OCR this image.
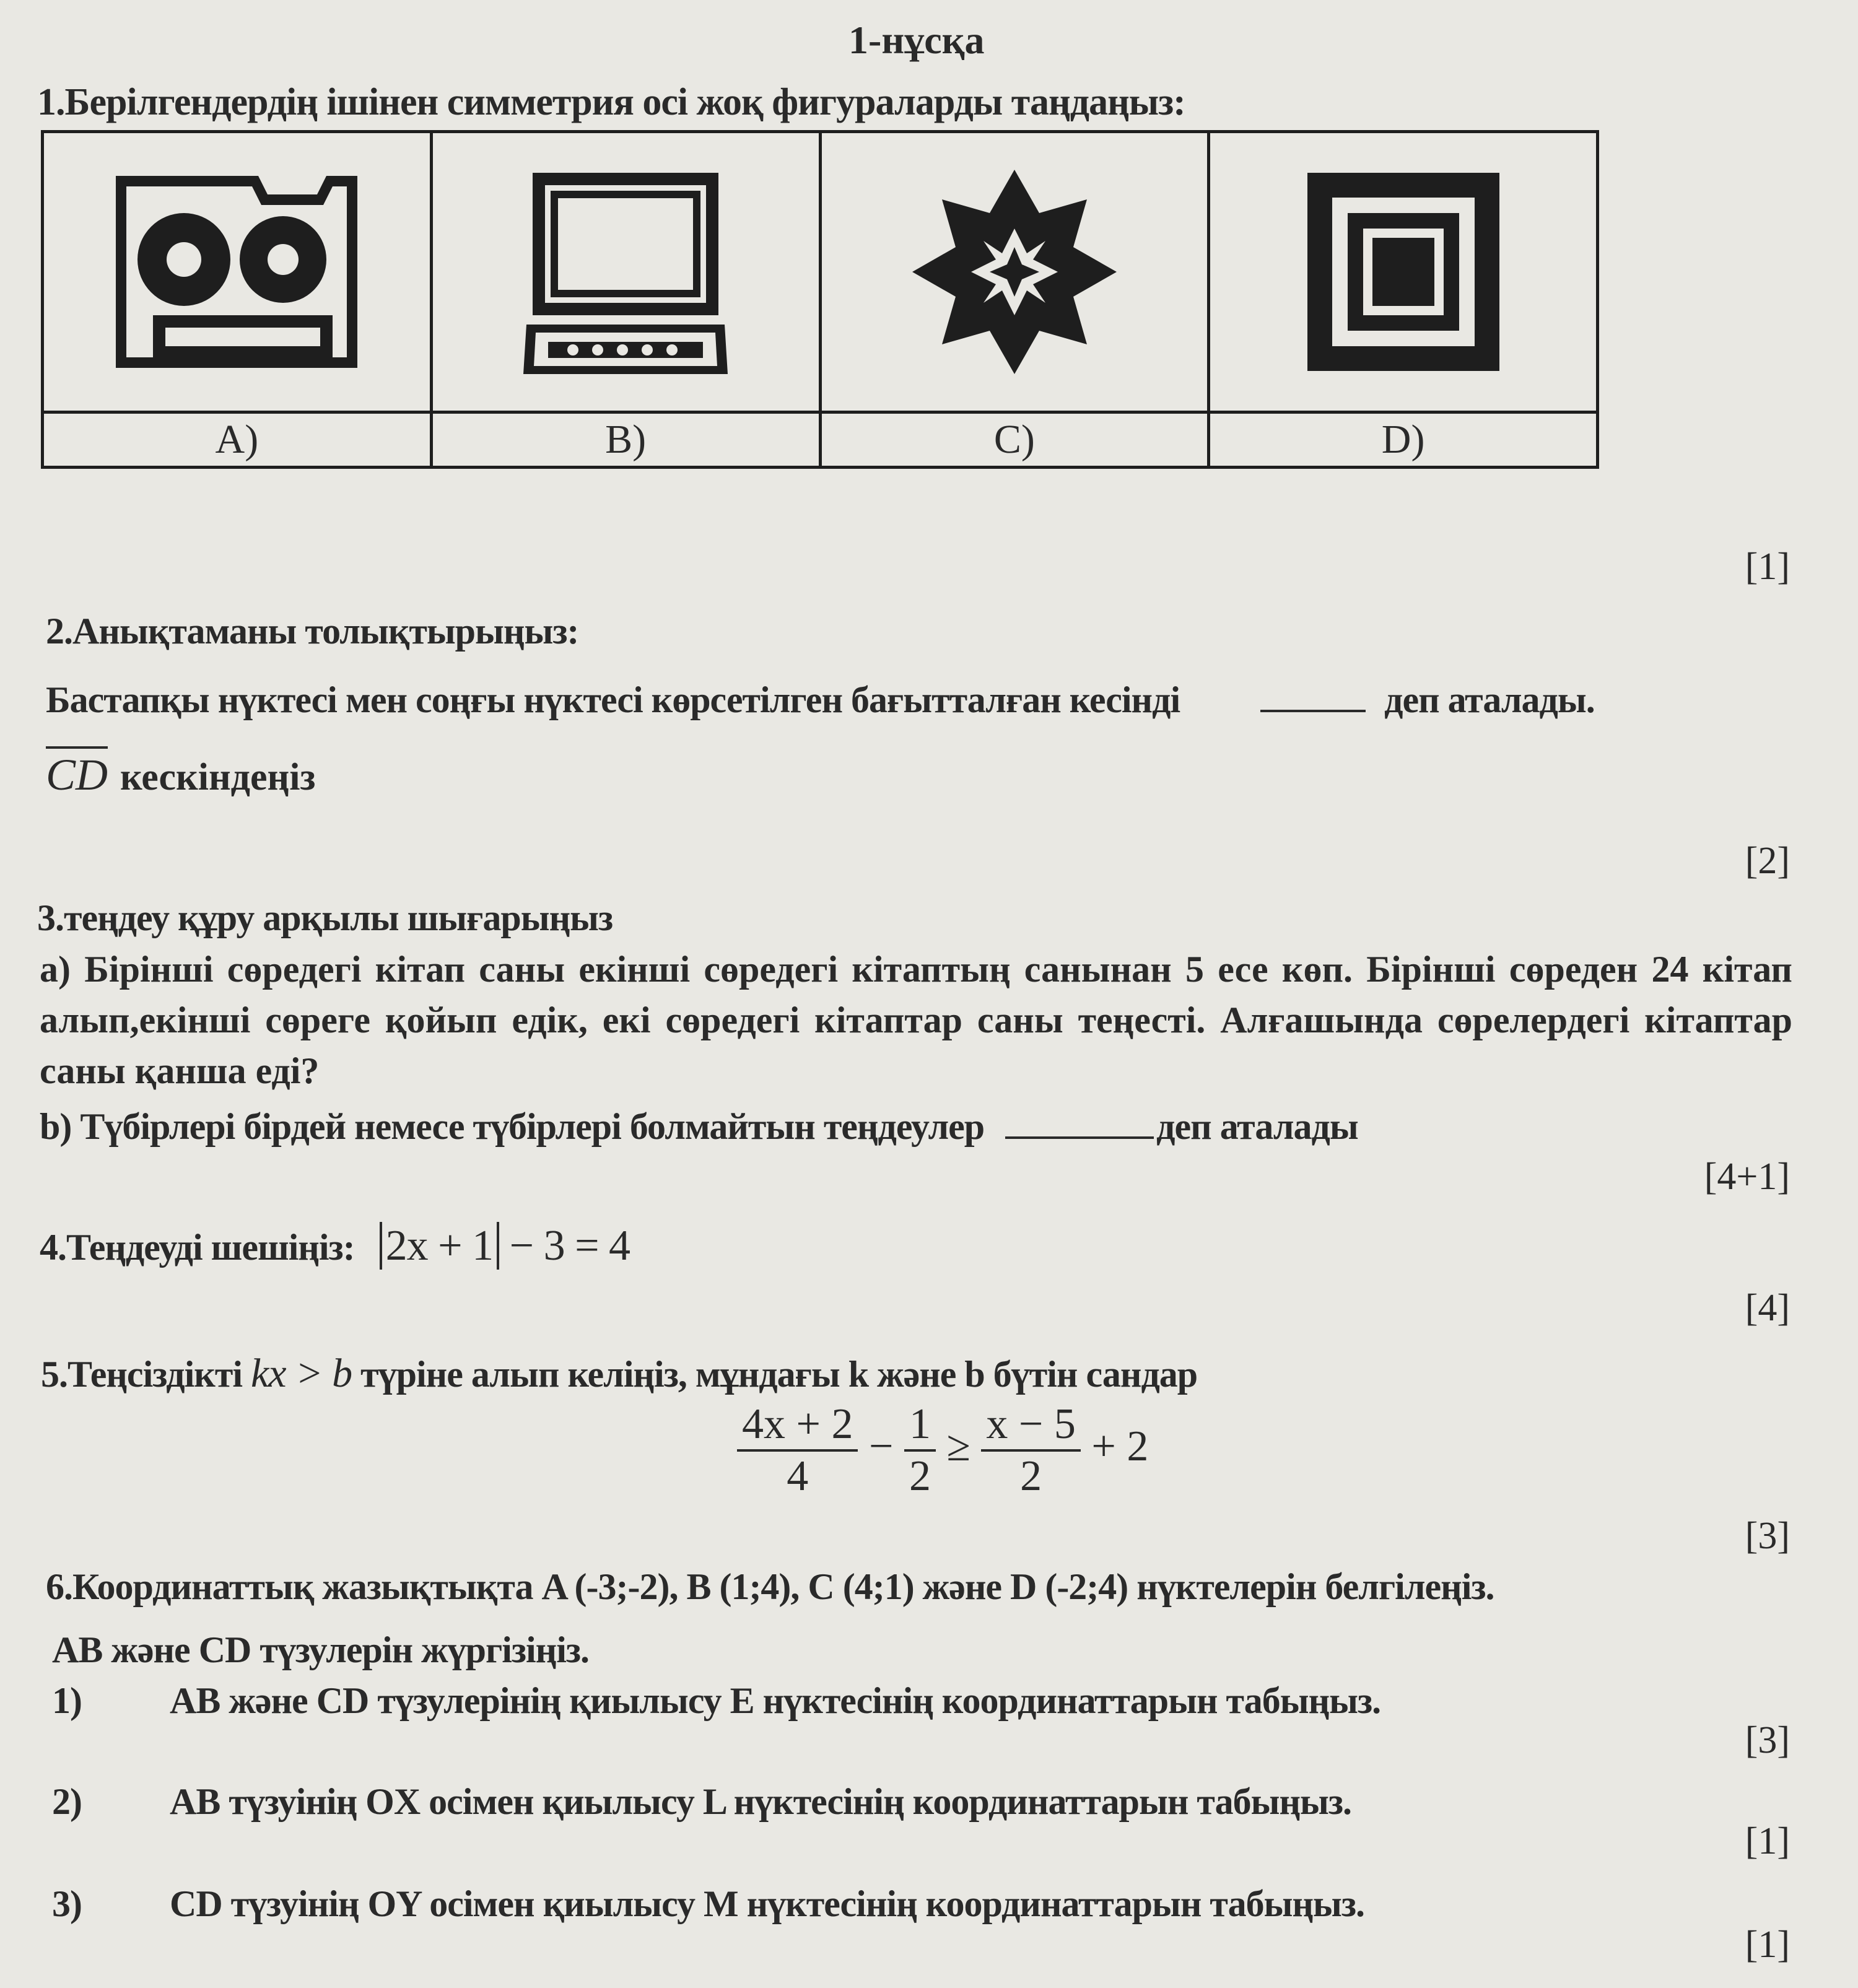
1-нұсқа
1.Берілгендердің ішінен симметрия осі жоқ фигураларды таңдаңыз:

A)	B)	C)	D)
[1]
2.Анықтаманы толықтырыңыз:
Бастапқы нүктесі мен соңғы нүктесі көрсетілген бағытталған кесінді	деп аталады.
CD кескіндеңіз
[2]
3.теңдеу құру арқылы шығарыңыз
а) Бірінші сөредегі кітап саны екінші сөредегі кітаптың санынан 5 есе көп. Бірінші сөреден 24 кітап алып,екінші сөреге қойып едік, екі сөредегі кітаптар саны теңесті. Алғашында сөрелердегі кітаптар саны қанша еді?
b) Түбірлері бірдей немесе түбірлері болмайтын теңдеулер	деп аталады
[4+1]
4.Теңдеуді шешіңіз: 2x + 1 − 3 = 4
[4]
5.Теңсіздікті kx > b түріне алып келіңіз, мұндағы k және b бүтін сандар
$\frac{4x + 2}{4} - \frac{1}{2} \ge \frac{x - 5}{2} + 2$
[3]
6.Координаттық жазықтықта A (-3;-2), B (1;4), C (4;1) және D (-2;4) нүктелерін белгілеңіз.
AB және CD түзулерін жүргізіңіз.
1) AB және CD түзулерінің қиылысу E нүктесінің координаттарын табыңыз.
[3]
2) AB түзуінің OX осімен қиылысу L нүктесінің координаттарын табыңыз.
[1]
3) CD түзуінің OY осімен қиылысу M нүктесінің координаттарын табыңыз.
[1]
